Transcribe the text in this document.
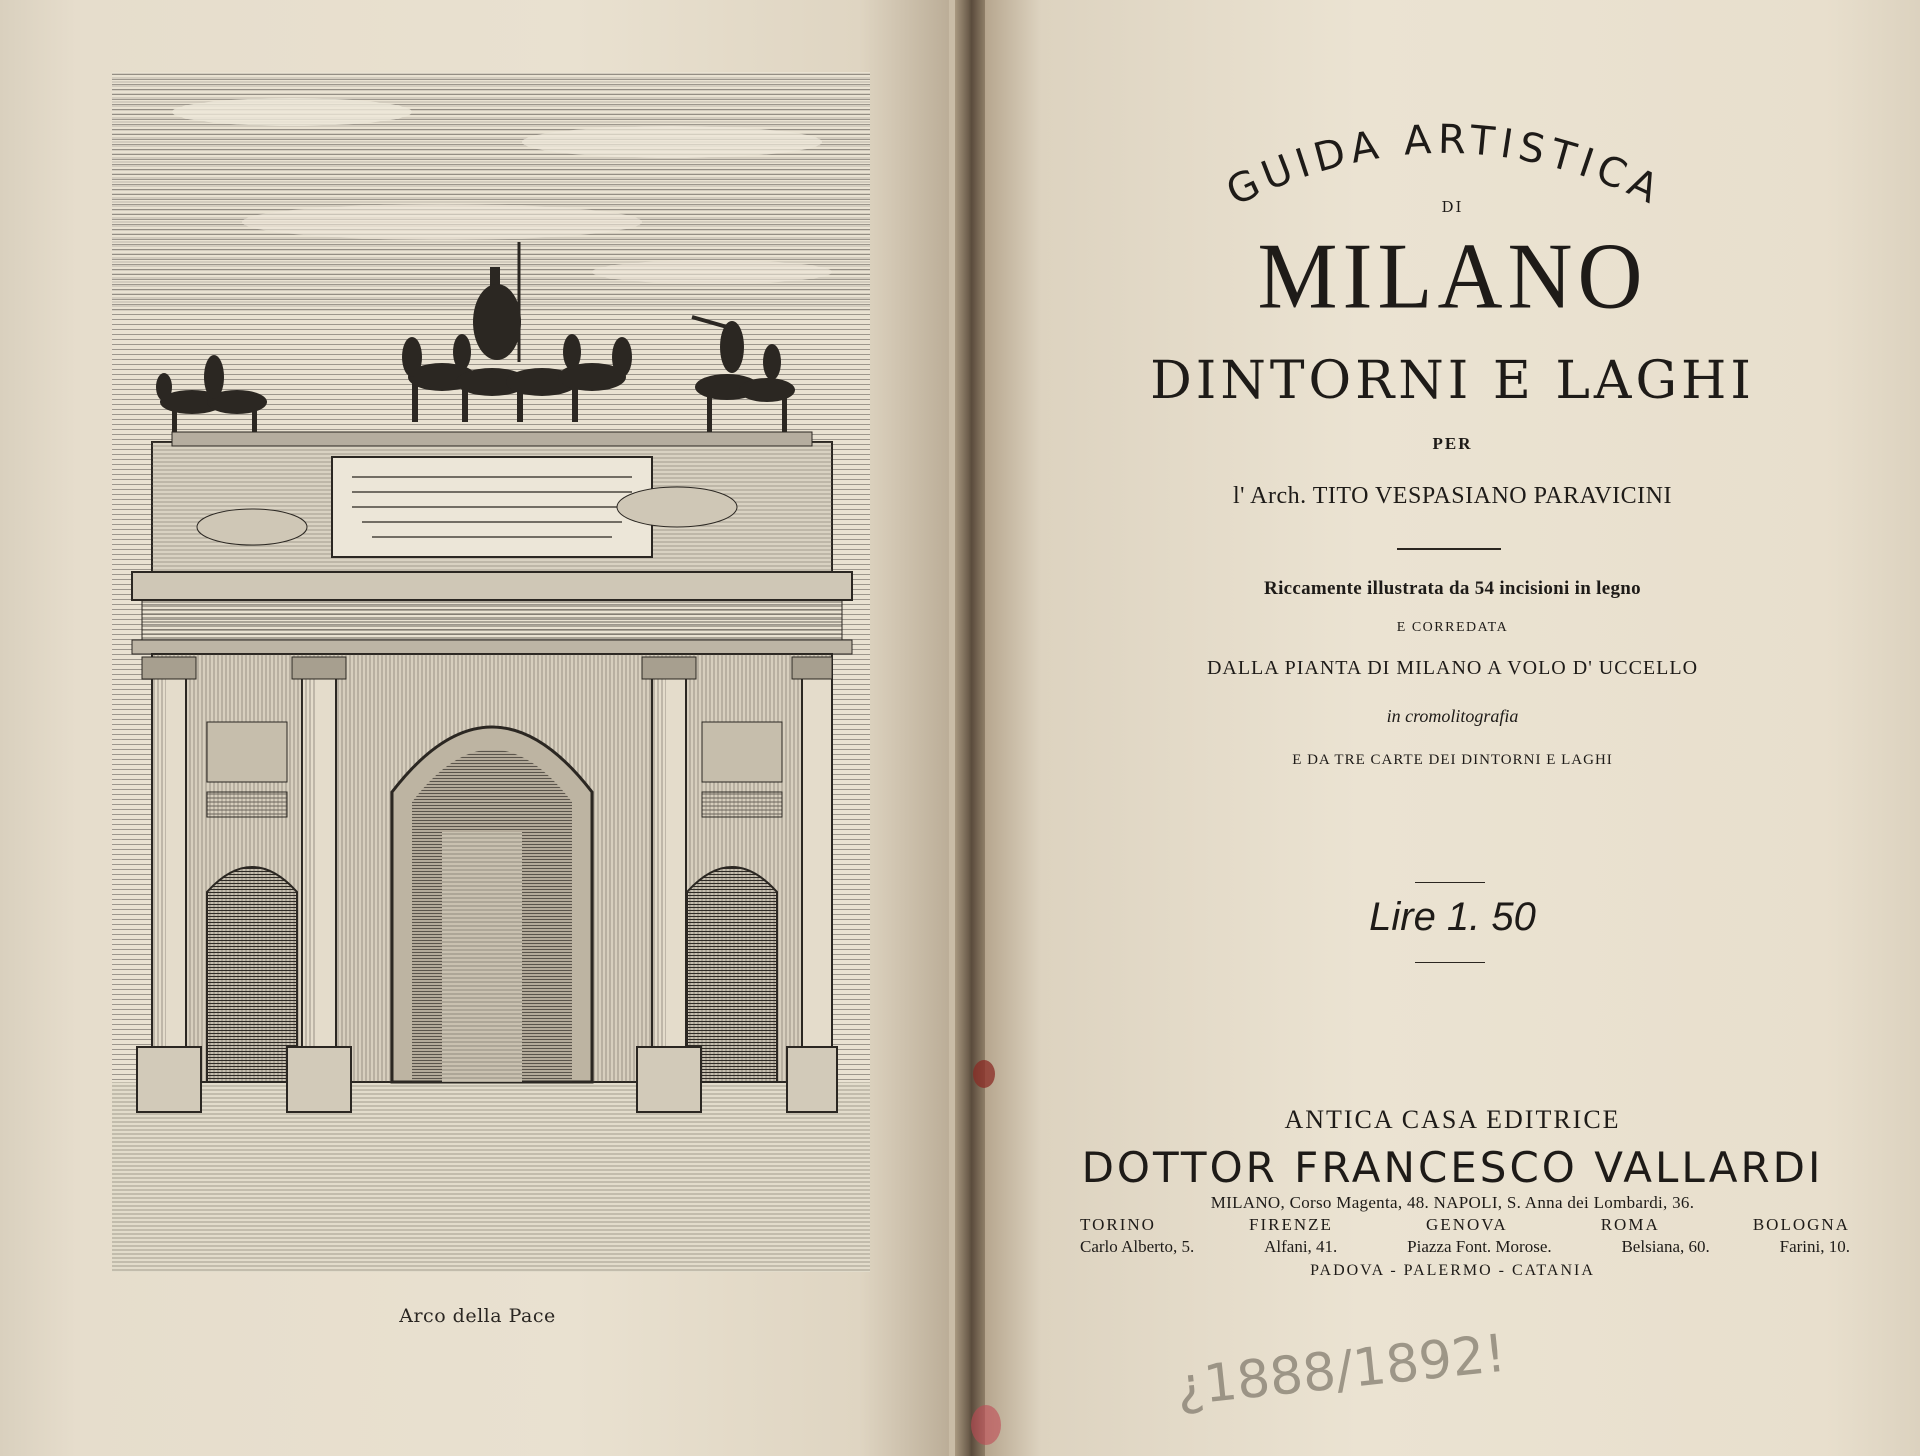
Arco della Pace
GUIDA ARTISTICA
DI
MILANO
DINTORNI E LAGHI
PER
l' Arch. TITO VESPASIANO PARAVICINI
Riccamente illustrata da 54 incisioni in legno
E CORREDATA
DALLA PIANTA DI MILANO A VOLO D' UCCELLO
in cromolitografia
E DA TRE CARTE DEI DINTORNI E LAGHI
Lire 1. 50
ANTICA CASA EDITRICE
DOTTOR FRANCESCO VALLARDI
MILANO, Corso Magenta, 48. NAPOLI, S. Anna dei Lombardi, 36.
TORINO	FIRENZE	GENOVA	ROMA	BOLOGNA
Carlo Alberto, 5.	Alfani, 41.	Piazza Font. Morose.	Belsiana, 60.	Farini, 10.
PADOVA - PALERMO - CATANIA
¿1888/1892!
